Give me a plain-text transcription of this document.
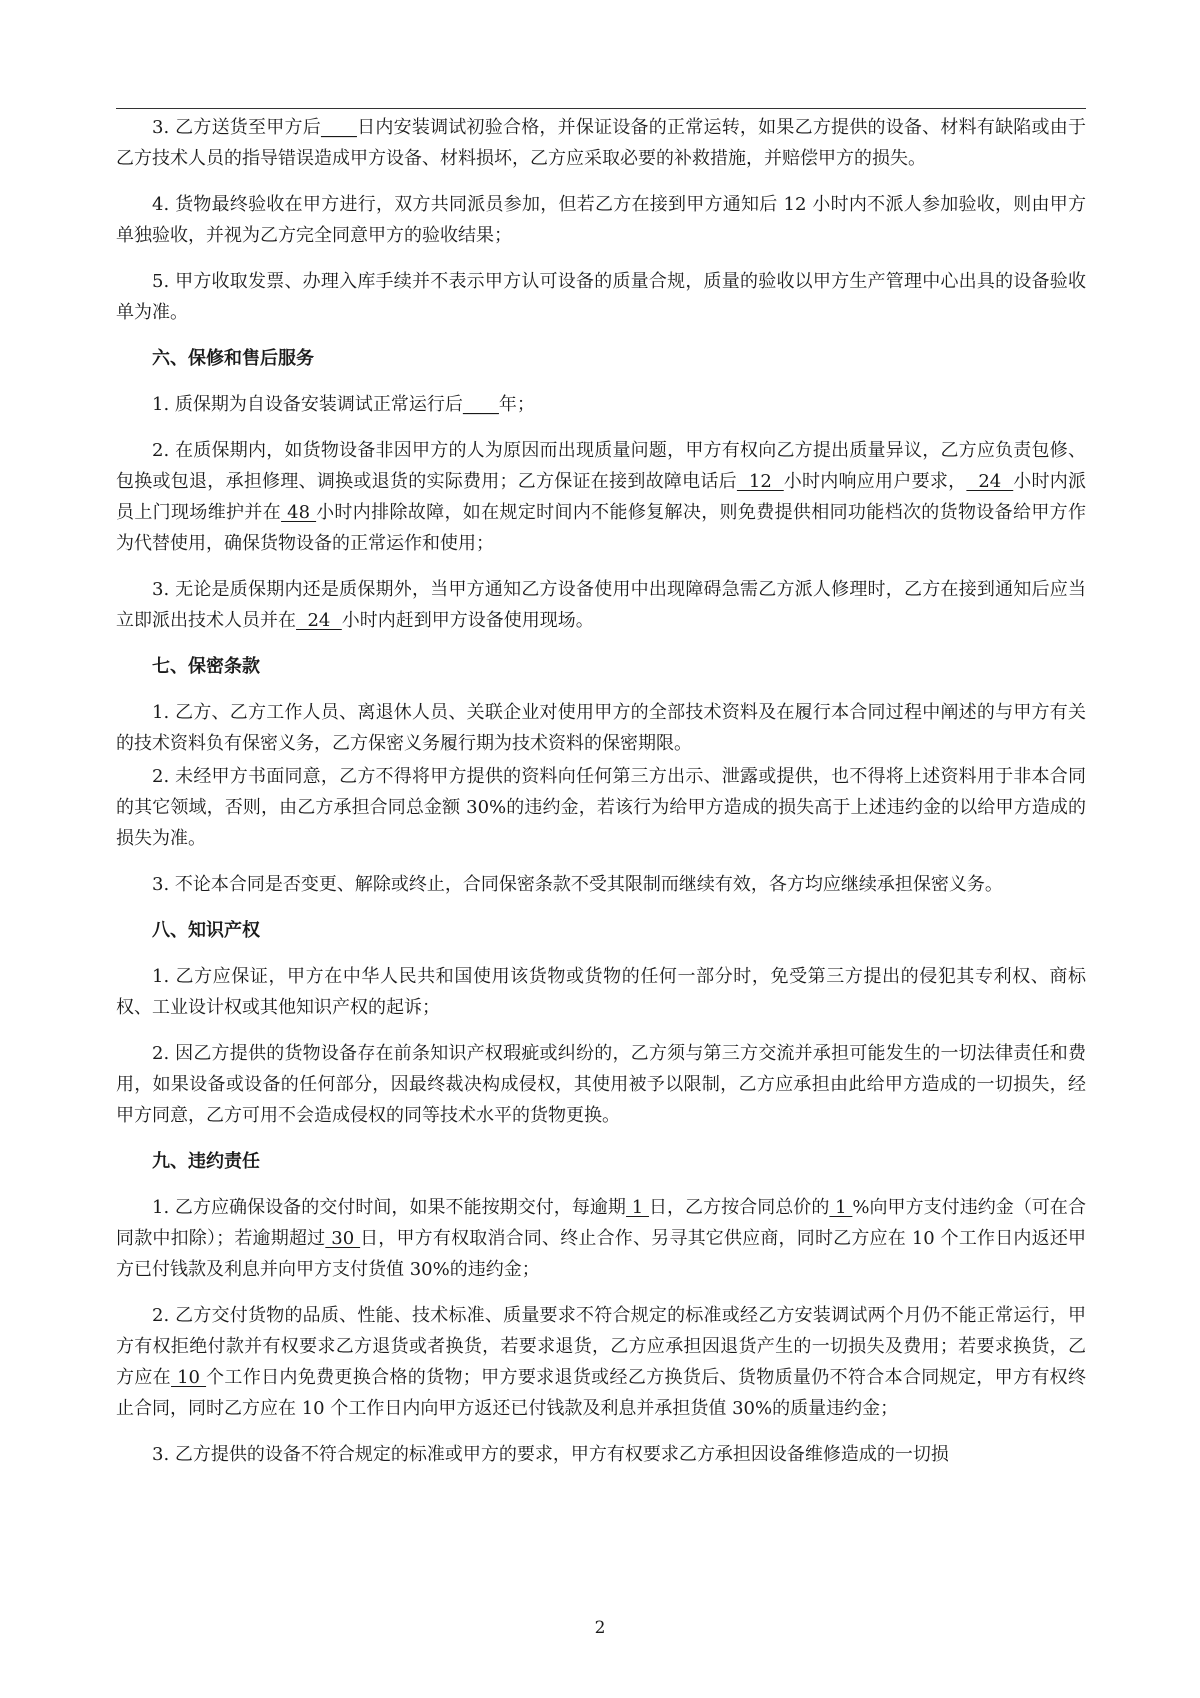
3. 乙方送货至甲方后____日内安装调试初验合格，并保证设备的正常运转，如果乙方提供的设备、材料有缺陷或由于乙方技术人员的指导错误造成甲方设备、材料损坏，乙方应采取必要的补救措施，并赔偿甲方的损失。

4. 货物最终验收在甲方进行，双方共同派员参加，但若乙方在接到甲方通知后 12 小时内不派人参加验收，则由甲方单独验收，并视为乙方完全同意甲方的验收结果；

5. 甲方收取发票、办理入库手续并不表示甲方认可设备的质量合规，质量的验收以甲方生产管理中心出具的设备验收单为准。

六、保修和售后服务

1. 质保期为自设备安装调试正常运行后____年；

2. 在质保期内，如货物设备非因甲方的人为原因而出现质量问题，甲方有权向乙方提出质量异议，乙方应负责包修、包换或包退，承担修理、调换或退货的实际费用；乙方保证在接到故障电话后  12  小时内响应用户要求，  24  小时内派员上门现场维护并在 48 小时内排除故障，如在规定时间内不能修复解决，则免费提供相同功能档次的货物设备给甲方作为代替使用，确保货物设备的正常运作和使用；

3. 无论是质保期内还是质保期外，当甲方通知乙方设备使用中出现障碍急需乙方派人修理时，乙方在接到通知后应当立即派出技术人员并在  24  小时内赶到甲方设备使用现场。

七、保密条款

1. 乙方、乙方工作人员、离退休人员、关联企业对使用甲方的全部技术资料及在履行本合同过程中阐述的与甲方有关的技术资料负有保密义务，乙方保密义务履行期为技术资料的保密期限。

2. 未经甲方书面同意，乙方不得将甲方提供的资料向任何第三方出示、泄露或提供，也不得将上述资料用于非本合同的其它领域，否则，由乙方承担合同总金额 30%的违约金，若该行为给甲方造成的损失高于上述违约金的以给甲方造成的损失为准。

3. 不论本合同是否变更、解除或终止，合同保密条款不受其限制而继续有效，各方均应继续承担保密义务。

八、知识产权

1. 乙方应保证，甲方在中华人民共和国使用该货物或货物的任何一部分时，免受第三方提出的侵犯其专利权、商标权、工业设计权或其他知识产权的起诉；

2. 因乙方提供的货物设备存在前条知识产权瑕疵或纠纷的，乙方须与第三方交流并承担可能发生的一切法律责任和费用，如果设备或设备的任何部分，因最终裁决构成侵权，其使用被予以限制，乙方应承担由此给甲方造成的一切损失，经甲方同意，乙方可用不会造成侵权的同等技术水平的货物更换。

九、违约责任

1. 乙方应确保设备的交付时间，如果不能按期交付，每逾期 1 日，乙方按合同总价的 1 %向甲方支付违约金（可在合同款中扣除）；若逾期超过 30 日，甲方有权取消合同、终止合作、另寻其它供应商，同时乙方应在 10 个工作日内返还甲方已付钱款及利息并向甲方支付货值 30%的违约金；

2. 乙方交付货物的品质、性能、技术标准、质量要求不符合规定的标准或经乙方安装调试两个月仍不能正常运行，甲方有权拒绝付款并有权要求乙方退货或者换货，若要求退货，乙方应承担因退货产生的一切损失及费用；若要求换货，乙方应在 10 个工作日内免费更换合格的货物；甲方要求退货或经乙方换货后、货物质量仍不符合本合同规定，甲方有权终止合同，同时乙方应在 10 个工作日内向甲方返还已付钱款及利息并承担货值 30%的质量违约金；

3. 乙方提供的设备不符合规定的标准或甲方的要求，甲方有权要求乙方承担因设备维修造成的一切损

2
